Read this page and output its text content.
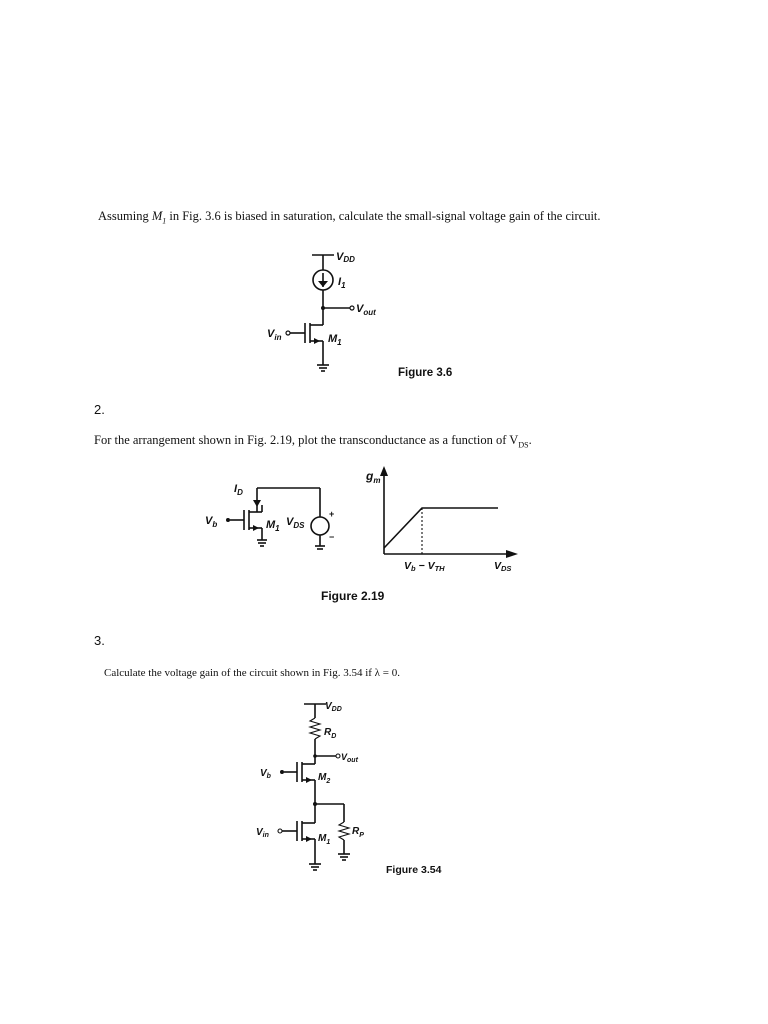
Assuming $M_1$ in Fig. 3.6 is biased in saturation, calculate the small-signal voltage gain of the circuit.
VDD
$I_1$
$V_{out}$
$V_{in}$	$M_1$
Figure 3.6
2.
For the arrangement shown in Fig. 2.19, plot the transconductance as a function of $V_{DS}$.
$I_D$
$V_b$	$M_1$
$V_{DS}$
+
−
$g_m$
Vb − VTH	VDS
Figure 2.19
3.
Calculate the voltage gain of the circuit shown in Fig. 3.54 if λ = 0.
$V_{DD}$
$R_D$
$V_{out}$
$V_b$	$M_2$
$R_P$
$V_{in}$	$M_1$
Figure 3.54
